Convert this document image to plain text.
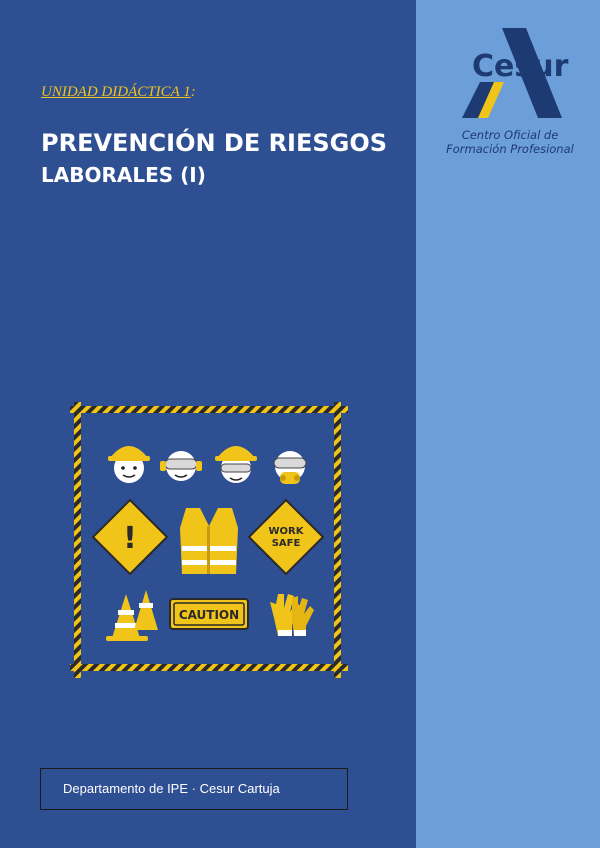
UNIDAD DIDÁCTICA 1:
PREVENCIÓN DE RIESGOS
LABORALES (I)
Cesur
Centro Oficial de
Formación Profesional
!	WORK
SAFE
CAUTION
Departamento de IPE · Cesur Cartuja
